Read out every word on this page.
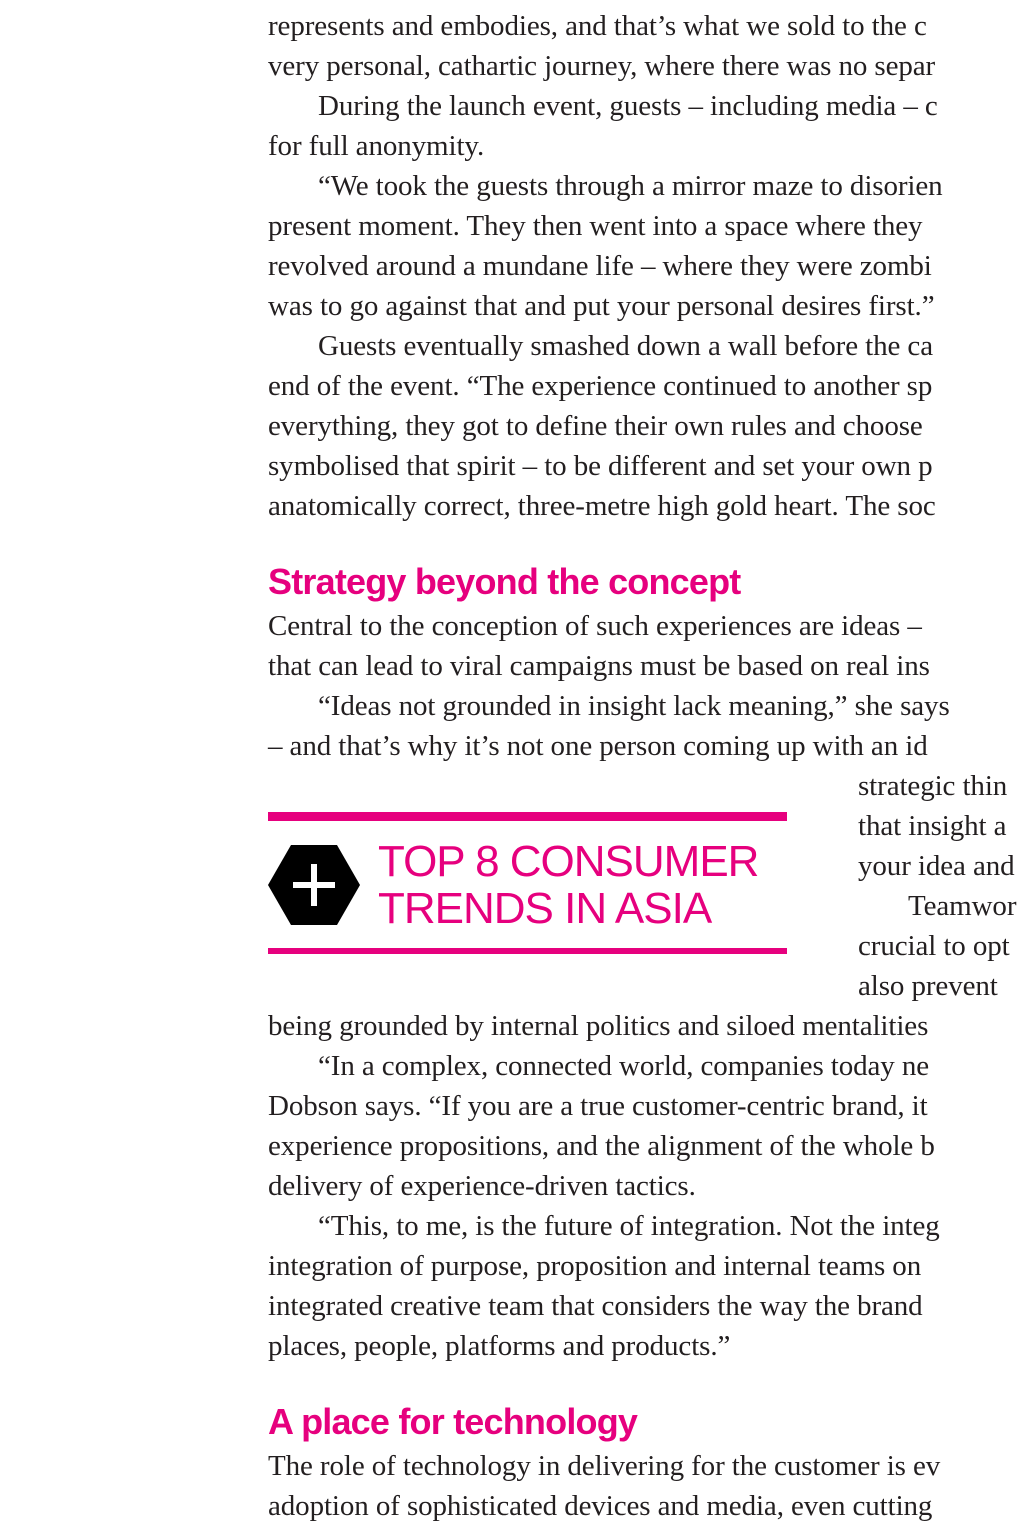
represents and embodies, and that’s what we sold to the c
very personal, cathartic journey, where there was no separ
During the launch event, guests – including media – c
for full anonymity.
“We took the guests through a mirror maze to disorien
present moment. They then went into a space where they
revolved around a mundane life – where they were zombi
was to go against that and put your personal desires first.”
Guests eventually smashed down a wall before the ca
end of the event. “The experience continued to another sp
everything, they got to define their own rules and choose
symbolised that spirit – to be different and set your own p
anatomically correct, three-metre high gold heart. The soc
Strategy beyond the concept
Central to the conception of such experiences are ideas –
that can lead to viral campaigns must be based on real ins
“Ideas not grounded in insight lack meaning,” she says
– and that’s why it’s not one person coming up with an id
strategic thin
that insight a
your idea and
Teamwor
crucial to opt
also prevent
TOP 8 CONSUMER
TRENDS IN ASIA
being grounded by internal politics and siloed mentalities
“In a complex, connected world, companies today ne
Dobson says. “If you are a true customer-centric brand, it
experience propositions, and the alignment of the whole b
delivery of experience-driven tactics.
“This, to me, is the future of integration. Not the integ
integration of purpose, proposition and internal teams on
integrated creative team that considers the way the brand
places, people, platforms and products.”
A place for technology
The role of technology in delivering for the customer is ev
adoption of sophisticated devices and media, even cutting
